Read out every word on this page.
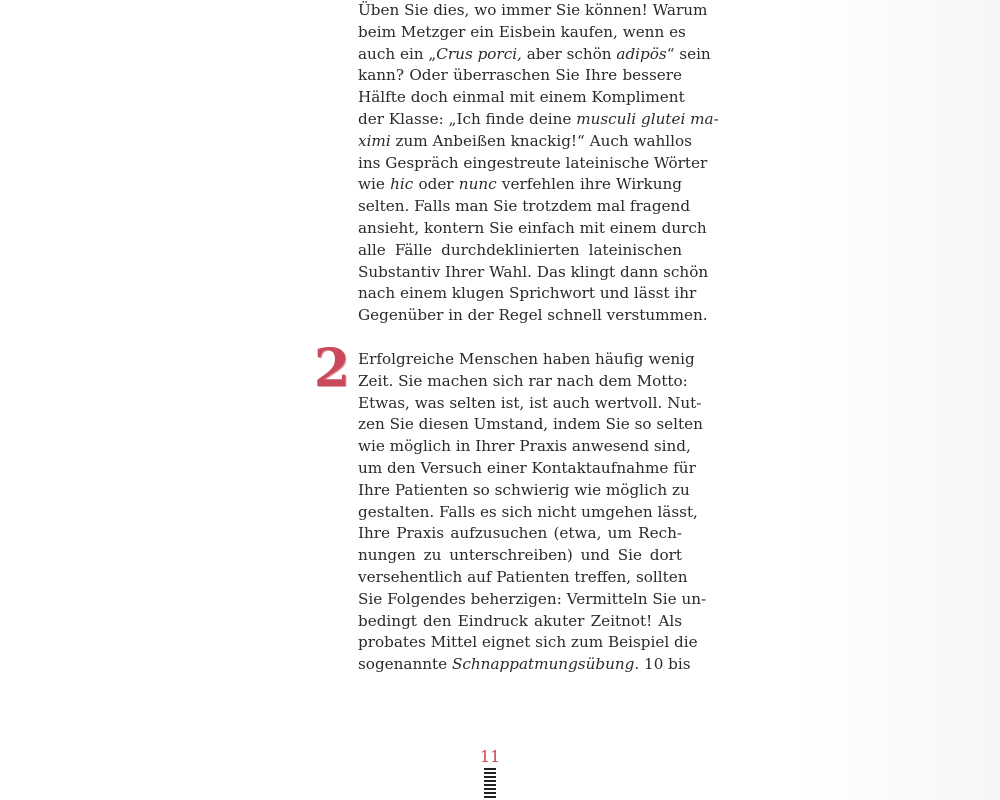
Üben Sie dies, wo immer Sie können! Warum
beim Metzger ein Eisbein kaufen, wenn es
auch ein „Crus porci, aber schön adipös“ sein
kann? Oder überraschen Sie Ihre bessere
Hälfte doch einmal mit einem Kompliment
der Klasse: „Ich finde deine musculi glutei ma-
ximi zum Anbeißen knackig!“ Auch wahllos
ins Gespräch eingestreute lateinische Wörter
wie hic oder nunc verfehlen ihre Wirkung
selten. Falls man Sie trotzdem mal fragend
ansieht, kontern Sie einfach mit einem durch
alle Fälle durchdeklinierten lateinischen
Substantiv Ihrer Wahl. Das klingt dann schön
nach einem klugen Sprichwort und lässt ihr
Gegenüber in der Regel schnell verstummen.
2 Erfolgreiche Menschen haben häufig wenig
Zeit. Sie machen sich rar nach dem Motto:
Etwas, was selten ist, ist auch wertvoll. Nut-
zen Sie diesen Umstand, indem Sie so selten
wie möglich in Ihrer Praxis anwesend sind,
um den Versuch einer Kontaktaufnahme für
Ihre Patienten so schwierig wie möglich zu
gestalten. Falls es sich nicht umgehen lässt,
Ihre Praxis aufzusuchen (etwa, um Rech-
nungen zu unterschreiben) und Sie dort
versehentlich auf Patienten treffen, sollten
Sie Folgendes beherzigen: Vermitteln Sie un-
bedingt den Eindruck akuter Zeitnot! Als
probates Mittel eignet sich zum Beispiel die
sogenannte Schnappatmungsübung. 10 bis
11
